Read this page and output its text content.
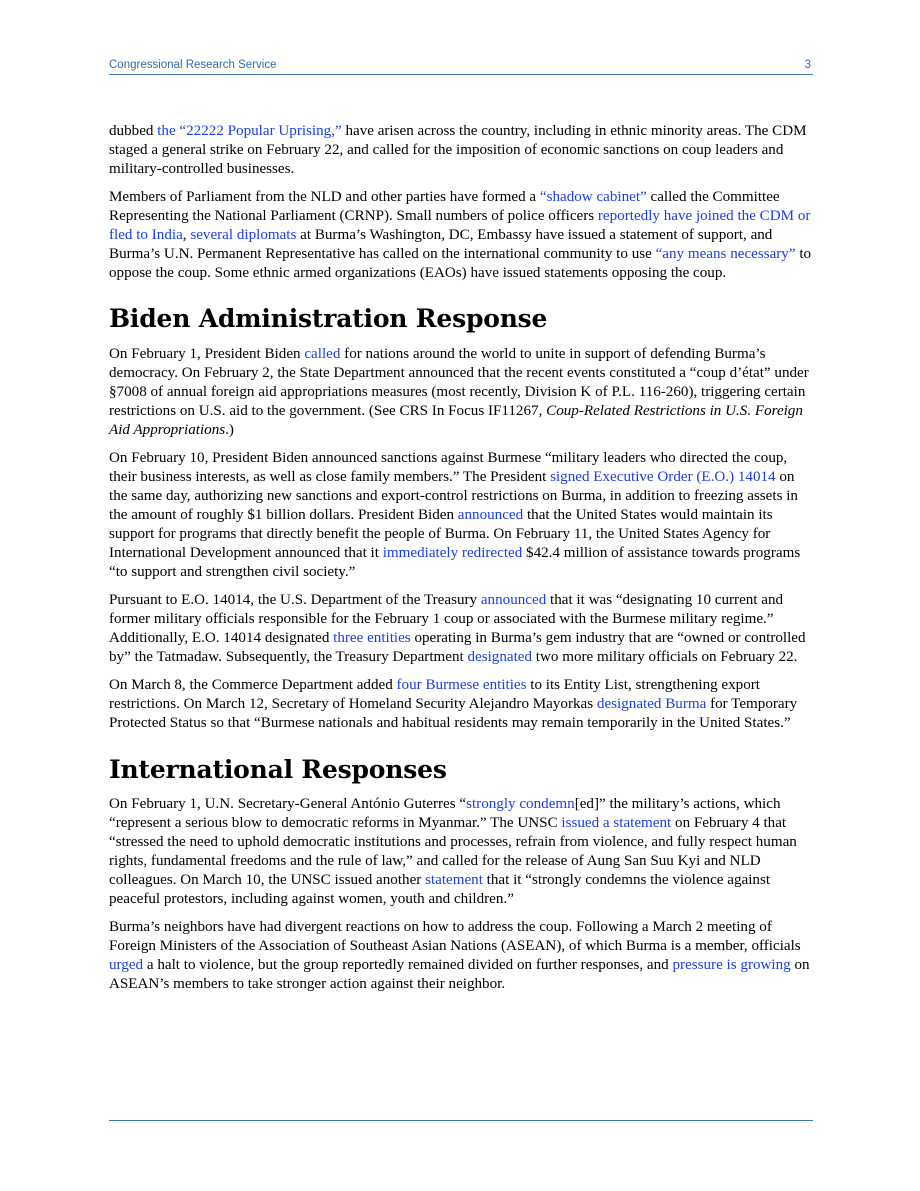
Congressional Research Service	3

dubbed the “22222 Popular Uprising,” have arisen across the country, including in ethnic minority areas. The CDM staged a general strike on February 22, and called for the imposition of economic sanctions on coup leaders and military-controlled businesses.

Members of Parliament from the NLD and other parties have formed a “shadow cabinet” called the Committee Representing the National Parliament (CRNP). Small numbers of police officers reportedly have joined the CDM or fled to India, several diplomats at Burma’s Washington, DC, Embassy have issued a statement of support, and Burma’s U.N. Permanent Representative has called on the international community to use “any means necessary” to oppose the coup. Some ethnic armed organizations (EAOs) have issued statements opposing the coup.

Biden Administration Response

On February 1, President Biden called for nations around the world to unite in support of defending Burma’s democracy. On February 2, the State Department announced that the recent events constituted a “coup d’état” under §7008 of annual foreign aid appropriations measures (most recently, Division K of P.L. 116-260), triggering certain restrictions on U.S. aid to the government. (See CRS In Focus IF11267, Coup-Related Restrictions in U.S. Foreign Aid Appropriations.)

On February 10, President Biden announced sanctions against Burmese “military leaders who directed the coup, their business interests, as well as close family members.” The President signed Executive Order (E.O.) 14014 on the same day, authorizing new sanctions and export-control restrictions on Burma, in addition to freezing assets in the amount of roughly $1 billion dollars. President Biden announced that the United States would maintain its support for programs that directly benefit the people of Burma. On February 11, the United States Agency for International Development announced that it immediately redirected $42.4 million of assistance towards programs “to support and strengthen civil society.”

Pursuant to E.O. 14014, the U.S. Department of the Treasury announced that it was “designating 10 current and former military officials responsible for the February 1 coup or associated with the Burmese military regime.” Additionally, E.O. 14014 designated three entities operating in Burma’s gem industry that are “owned or controlled by” the Tatmadaw. Subsequently, the Treasury Department designated two more military officials on February 22.

On March 8, the Commerce Department added four Burmese entities to its Entity List, strengthening export restrictions. On March 12, Secretary of Homeland Security Alejandro Mayorkas designated Burma for Temporary Protected Status so that “Burmese nationals and habitual residents may remain temporarily in the United States.”

International Responses

On February 1, U.N. Secretary-General António Guterres “strongly condemn[ed]” the military’s actions, which “represent a serious blow to democratic reforms in Myanmar.” The UNSC issued a statement on February 4 that “stressed the need to uphold democratic institutions and processes, refrain from violence, and fully respect human rights, fundamental freedoms and the rule of law,” and called for the release of Aung San Suu Kyi and NLD colleagues. On March 10, the UNSC issued another statement that it “strongly condemns the violence against peaceful protestors, including against women, youth and children.”

Burma’s neighbors have had divergent reactions on how to address the coup. Following a March 2 meeting of Foreign Ministers of the Association of Southeast Asian Nations (ASEAN), of which Burma is a member, officials urged a halt to violence, but the group reportedly remained divided on further responses, and pressure is growing on ASEAN’s members to take stronger action against their neighbor.
